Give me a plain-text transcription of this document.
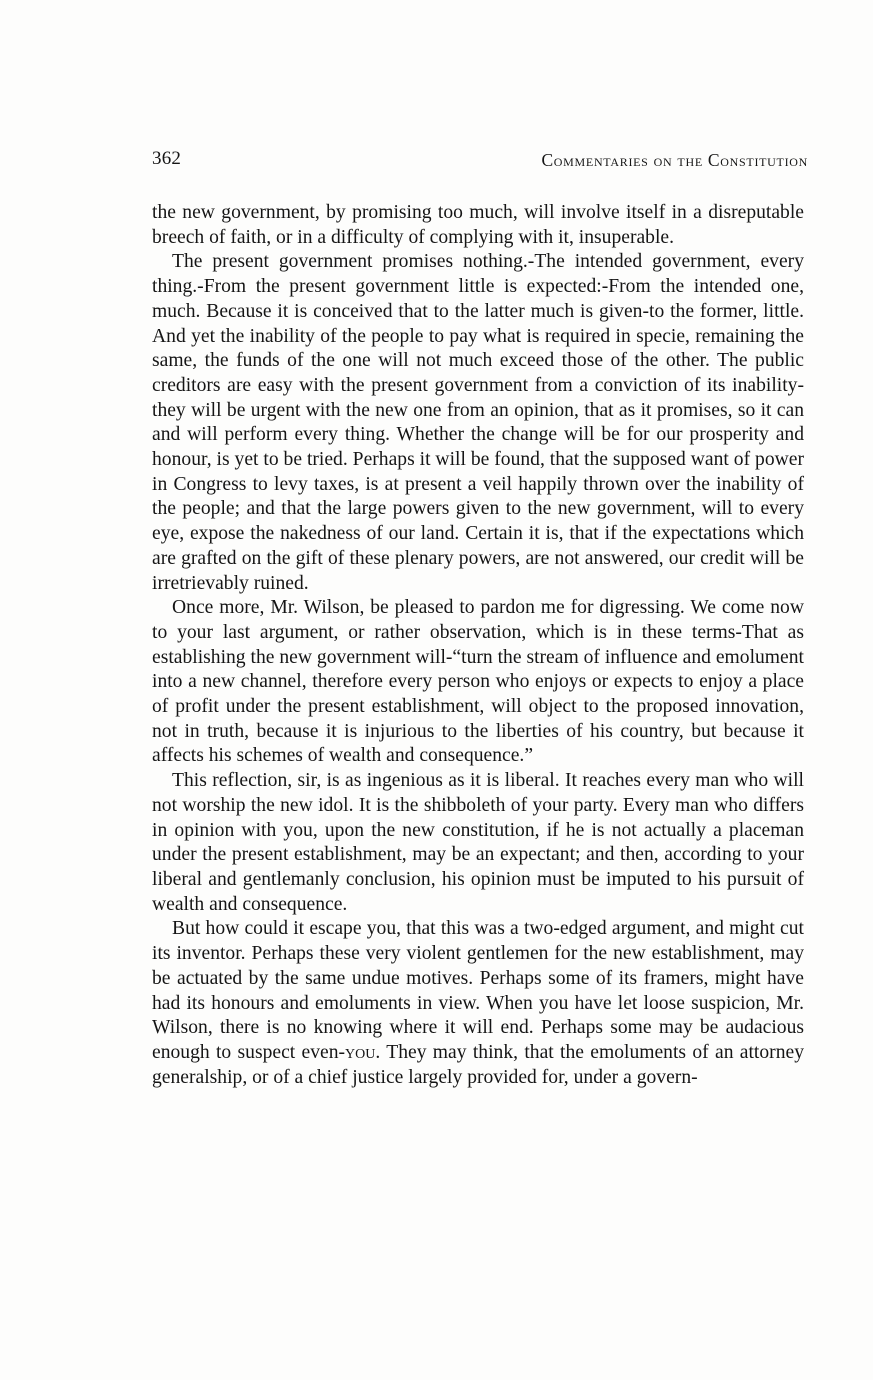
362	Commentaries on the Constitution

the new government, by promising too much, will involve itself in a disreputable breech of faith, or in a difficulty of complying with it, insuperable.

The present government promises nothing.-The intended government, every thing.-From the present government little is expected:-From the intended one, much. Because it is conceived that to the latter much is given-to the former, little. And yet the inability of the people to pay what is required in specie, remaining the same, the funds of the one will not much exceed those of the other. The public creditors are easy with the present government from a conviction of its inability-they will be urgent with the new one from an opinion, that as it promises, so it can and will perform every thing. Whether the change will be for our prosperity and honour, is yet to be tried. Perhaps it will be found, that the supposed want of power in Congress to levy taxes, is at present a veil happily thrown over the inability of the people; and that the large powers given to the new government, will to every eye, expose the nakedness of our land. Certain it is, that if the expectations which are grafted on the gift of these plenary powers, are not answered, our credit will be irretrievably ruined.

Once more, Mr. Wilson, be pleased to pardon me for digressing. We come now to your last argument, or rather observation, which is in these terms-That as establishing the new government will-“turn the stream of influence and emolument into a new channel, therefore every person who enjoys or expects to enjoy a place of profit under the present establishment, will object to the proposed innovation, not in truth, because it is injurious to the liberties of his country, but because it affects his schemes of wealth and consequence.”

This reflection, sir, is as ingenious as it is liberal. It reaches every man who will not worship the new idol. It is the shibboleth of your party. Every man who differs in opinion with you, upon the new constitution, if he is not actually a placeman under the present establishment, may be an expectant; and then, according to your liberal and gentlemanly conclusion, his opinion must be imputed to his pursuit of wealth and consequence.

But how could it escape you, that this was a two-edged argument, and might cut its inventor. Perhaps these very violent gentlemen for the new establishment, may be actuated by the same undue motives. Perhaps some of its framers, might have had its honours and emoluments in view. When you have let loose suspicion, Mr. Wilson, there is no knowing where it will end. Perhaps some may be audacious enough to suspect even-you. They may think, that the emoluments of an attorney generalship, or of a chief justice largely provided for, under a govern-
